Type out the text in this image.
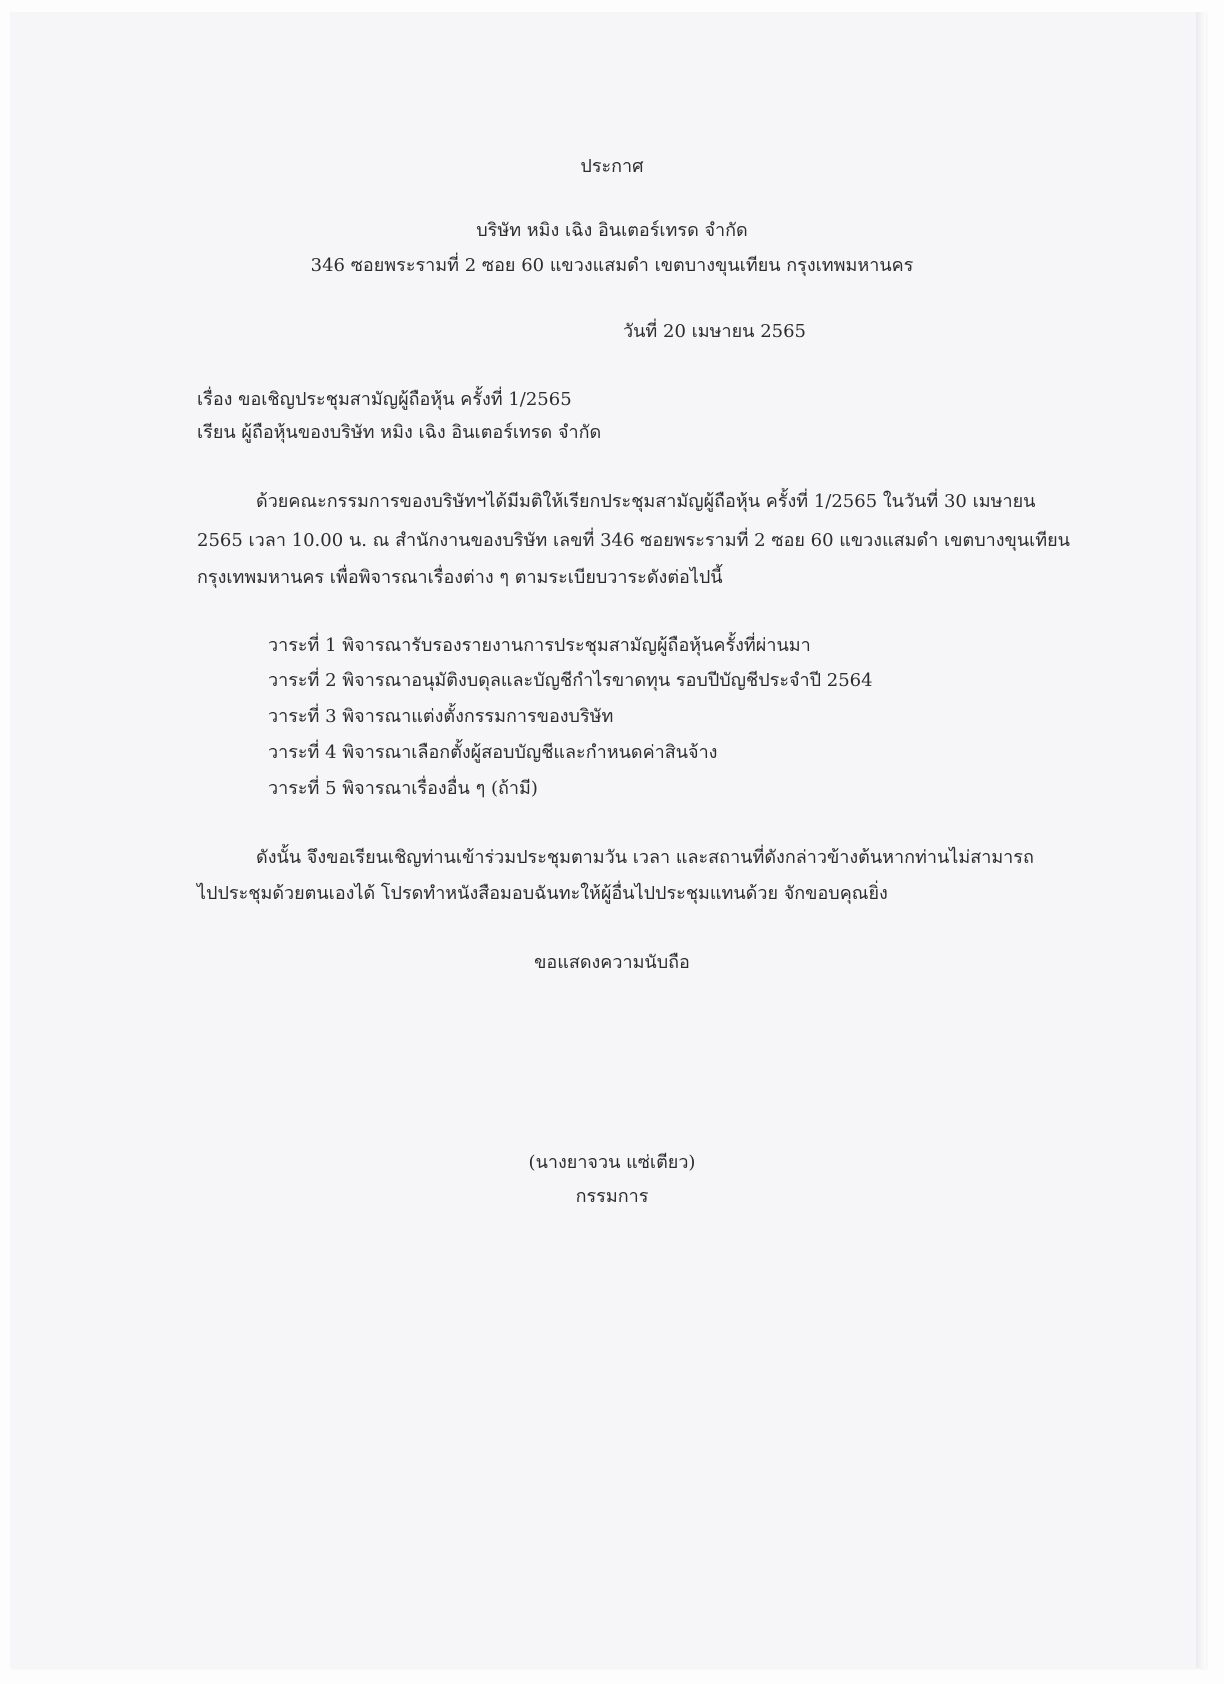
ประกาศ
บริษัท หมิง เฉิง อินเตอร์เทรด จำกัด
346 ซอยพระรามที่ 2 ซอย 60 แขวงแสมดำ เขตบางขุนเทียน กรุงเทพมหานคร
วันที่ 20 เมษายน 2565
เรื่อง ขอเชิญประชุมสามัญผู้ถือหุ้น ครั้งที่ 1/2565
เรียน ผู้ถือหุ้นของบริษัท หมิง เฉิง อินเตอร์เทรด จำกัด
ด้วยคณะกรรมการของบริษัทฯได้มีมติให้เรียกประชุมสามัญผู้ถือหุ้น ครั้งที่ 1/2565 ในวันที่ 30 เมษายน
2565 เวลา 10.00 น. ณ สำนักงานของบริษัท เลขที่ 346 ซอยพระรามที่ 2 ซอย 60 แขวงแสมดำ เขตบางขุนเทียน
กรุงเทพมหานคร เพื่อพิจารณาเรื่องต่าง ๆ ตามระเบียบวาระดังต่อไปนี้
วาระที่ 1 พิจารณารับรองรายงานการประชุมสามัญผู้ถือหุ้นครั้งที่ผ่านมา
วาระที่ 2 พิจารณาอนุมัติงบดุลและบัญชีกำไรขาดทุน รอบปีบัญชีประจำปี 2564
วาระที่ 3 พิจารณาแต่งตั้งกรรมการของบริษัท
วาระที่ 4 พิจารณาเลือกตั้งผู้สอบบัญชีและกำหนดค่าสินจ้าง
วาระที่ 5 พิจารณาเรื่องอื่น ๆ (ถ้ามี)
ดังนั้น จึงขอเรียนเชิญท่านเข้าร่วมประชุมตามวัน เวลา และสถานที่ดังกล่าวข้างต้นหากท่านไม่สามารถ
ไปประชุมด้วยตนเองได้ โปรดทำหนังสือมอบฉันทะให้ผู้อื่นไปประชุมแทนด้วย จักขอบคุณยิ่ง
ขอแสดงความนับถือ
(นางยาจวน แซ่เตียว)
กรรมการ
